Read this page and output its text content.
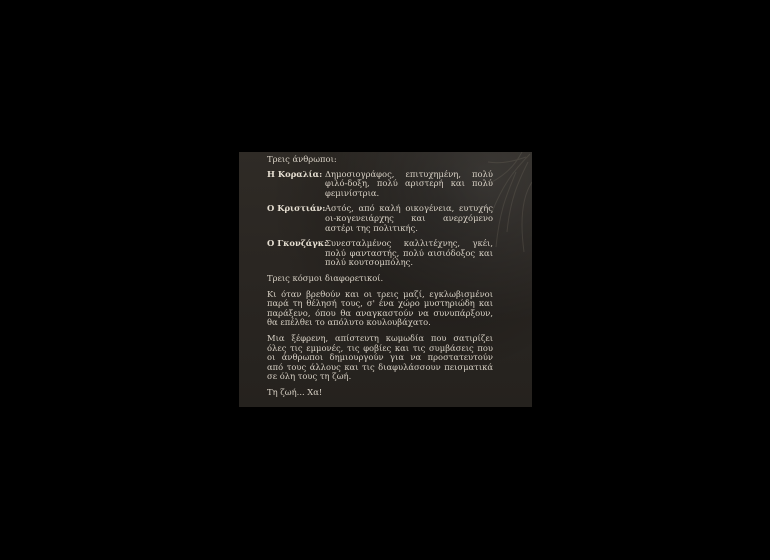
Τρεις άνθρωποι:

Η Κοραλία: Δημοσιογράφος, επιτυχημένη, πολύ φιλό-δοξη, πολύ αριστερή και πολύ φεμινίστρια.
Ο Κριστιάν: Αστός, από καλή οικογένεια, ευτυχής οι-κογενειάρχης και ανερχόμενο αστέρι της πολιτικής.
Ο Γκονζάγκ:
Συνεσταλμένος καλλιτέχνης, γκέι, πολύ φανταστής, πολύ αισιόδοξος και πολύ κουτσομπόλης.

Τρεις κόσμοι διαφορετικοί.

Κι όταν βρεθούν και οι τρεις μαζί, εγκλωβισμένοι παρά τη θέλησή τους, σ' ένα χώρο μυστηριώδη και παράξενο, όπου θα αναγκαστούν να συνυπάρξουν, θα επέλθει το απόλυτο κουλουβάχατο.

Μια ξέφρενη, απίστευτη κωμωδία που σατιρίζει όλες τις εμμονές, τις φοβίες και τις συμβάσεις που οι άνθρωποι δημιουργούν για να προστατευτούν από τους άλλους και τις διαφυλάσσουν πεισματικά σε όλη τους τη ζωή.

Τη ζωή... Χα!
